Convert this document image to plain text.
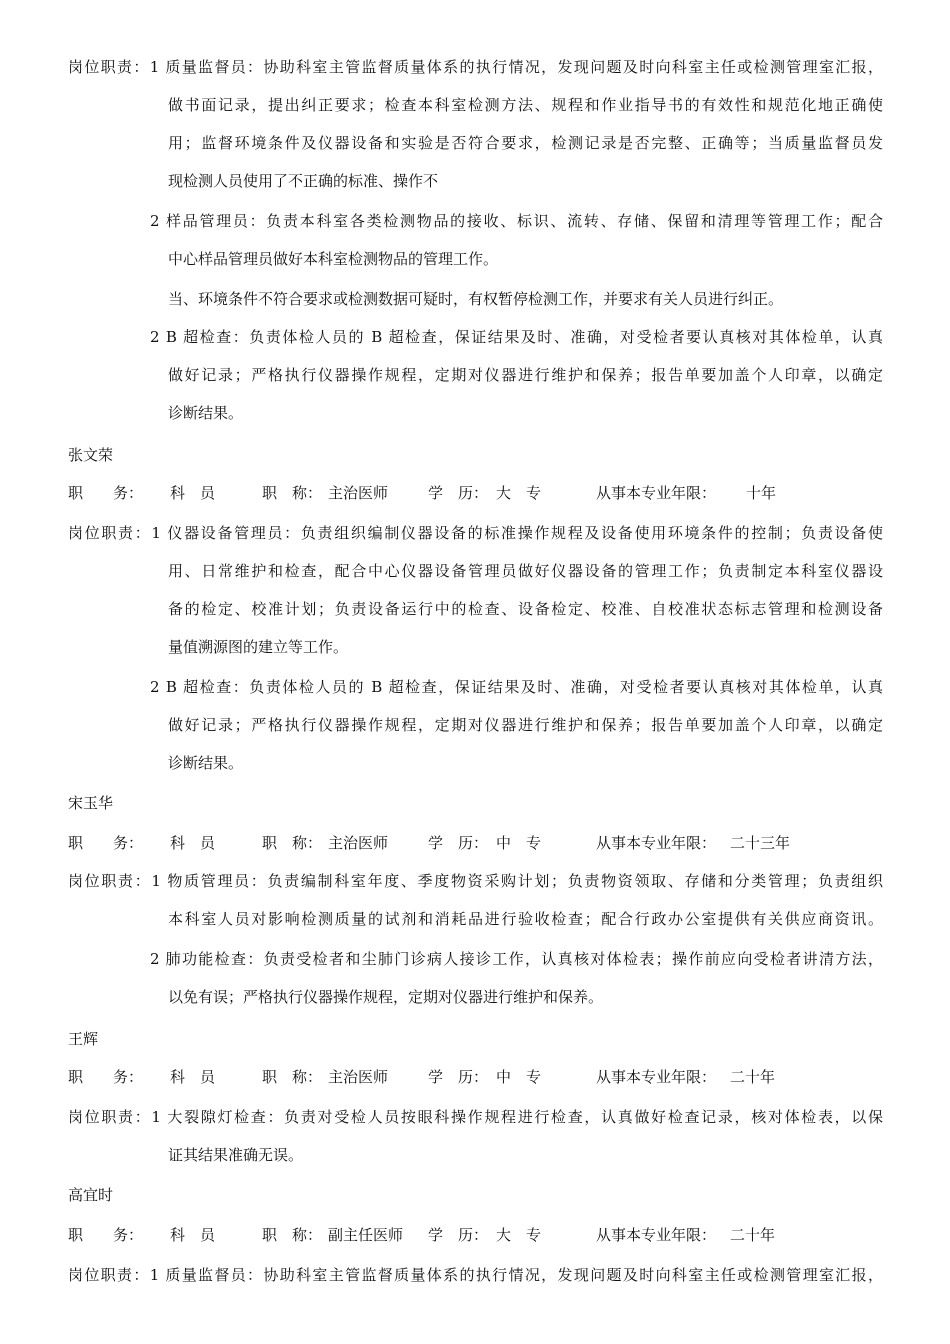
岗位职责：1 质量监督员：协助科室主管监督质量体系的执行情况，发现问题及时向科室主任或检测管理室汇报，
做书面记录，提出纠正要求；检查本科室检测方法、规程和作业指导书的有效性和规范化地正确使
用；监督环境条件及仪器设备和实验是否符合要求，检测记录是否完整、正确等；当质量监督员发
现检测人员使用了不正确的标准、操作不
2 样品管理员：负责本科室各类检测物品的接收、标识、流转、存储、保留和清理等管理工作；配合
中心样品管理员做好本科室检测物品的管理工作。
当、环境条件不符合要求或检测数据可疑时，有权暂停检测工作，并要求有关人员进行纠正。
2 B 超检查：负责体检人员的 B 超检查，保证结果及时、准确，对受检者要认真核对其体检单，认真
做好记录；严格执行仪器操作规程，定期对仪器进行维护和保养；报告单要加盖个人印章，以确定
诊断结果。
张文荣
职　　务： 科　员	职　称： 主治医师	学　历： 大　专	从事本专业年限： 十年
岗位职责：1 仪器设备管理员：负责组织编制仪器设备的标准操作规程及设备使用环境条件的控制；负责设备使
用、日常维护和检查，配合中心仪器设备管理员做好仪器设备的管理工作；负责制定本科室仪器设
备的检定、校准计划；负责设备运行中的检查、设备检定、校准、自校准状态标志管理和检测设备
量值溯源图的建立等工作。
2 B 超检查：负责体检人员的 B 超检查，保证结果及时、准确，对受检者要认真核对其体检单，认真
做好记录；严格执行仪器操作规程，定期对仪器进行维护和保养；报告单要加盖个人印章，以确定
诊断结果。
宋玉华
职　　务： 科　员	职　称： 主治医师	学　历： 中　专	从事本专业年限： 二十三年
岗位职责：1 物质管理员：负责编制科室年度、季度物资采购计划；负责物资领取、存储和分类管理；负责组织
本科室人员对影响检测质量的试剂和消耗品进行验收检查；配合行政办公室提供有关供应商资讯。
2 肺功能检查：负责受检者和尘肺门诊病人接诊工作，认真核对体检表；操作前应向受检者讲清方法，
以免有误；严格执行仪器操作规程，定期对仪器进行维护和保养。
王辉
职　　务： 科　员	职　称： 主治医师	学　历： 中　专	从事本专业年限： 二十年
岗位职责：1 大裂隙灯检查：负责对受检人员按眼科操作规程进行检查，认真做好检查记录，核对体检表，以保
证其结果准确无误。
高宜时
职　　务： 科　员	职　称： 副主任医师 学　历： 大　专	从事本专业年限： 二十年
岗位职责：1 质量监督员：协助科室主管监督质量体系的执行情况，发现问题及时向科室主任或检测管理室汇报，
